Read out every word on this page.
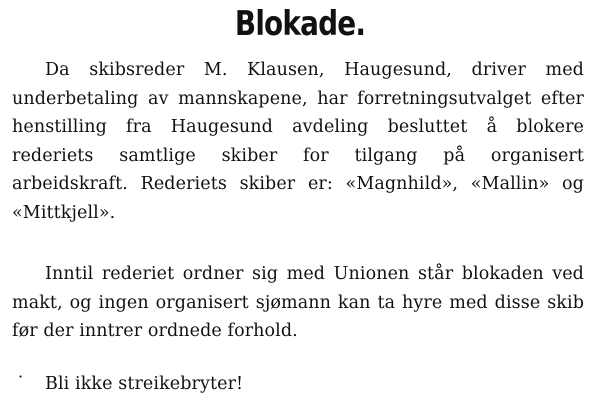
Blokade.

Da skibsreder M. Klausen, Haugesund, driver med underbetaling av mannskapene, har forretningsutvalget efter henstilling fra Haugesund avdeling besluttet å blokere rederiets samtlige skiber for tilgang på organisert arbeidskraft. Rederiets skiber er: «Magnhild», «Mallin» og «Mittkjell».

Inntil rederiet ordner sig med Unionen står blokaden ved makt, og ingen organisert sjømann kan ta hyre med disse skib før der inntrer ordnede forhold.

·	Bli ikke streikebryter!
